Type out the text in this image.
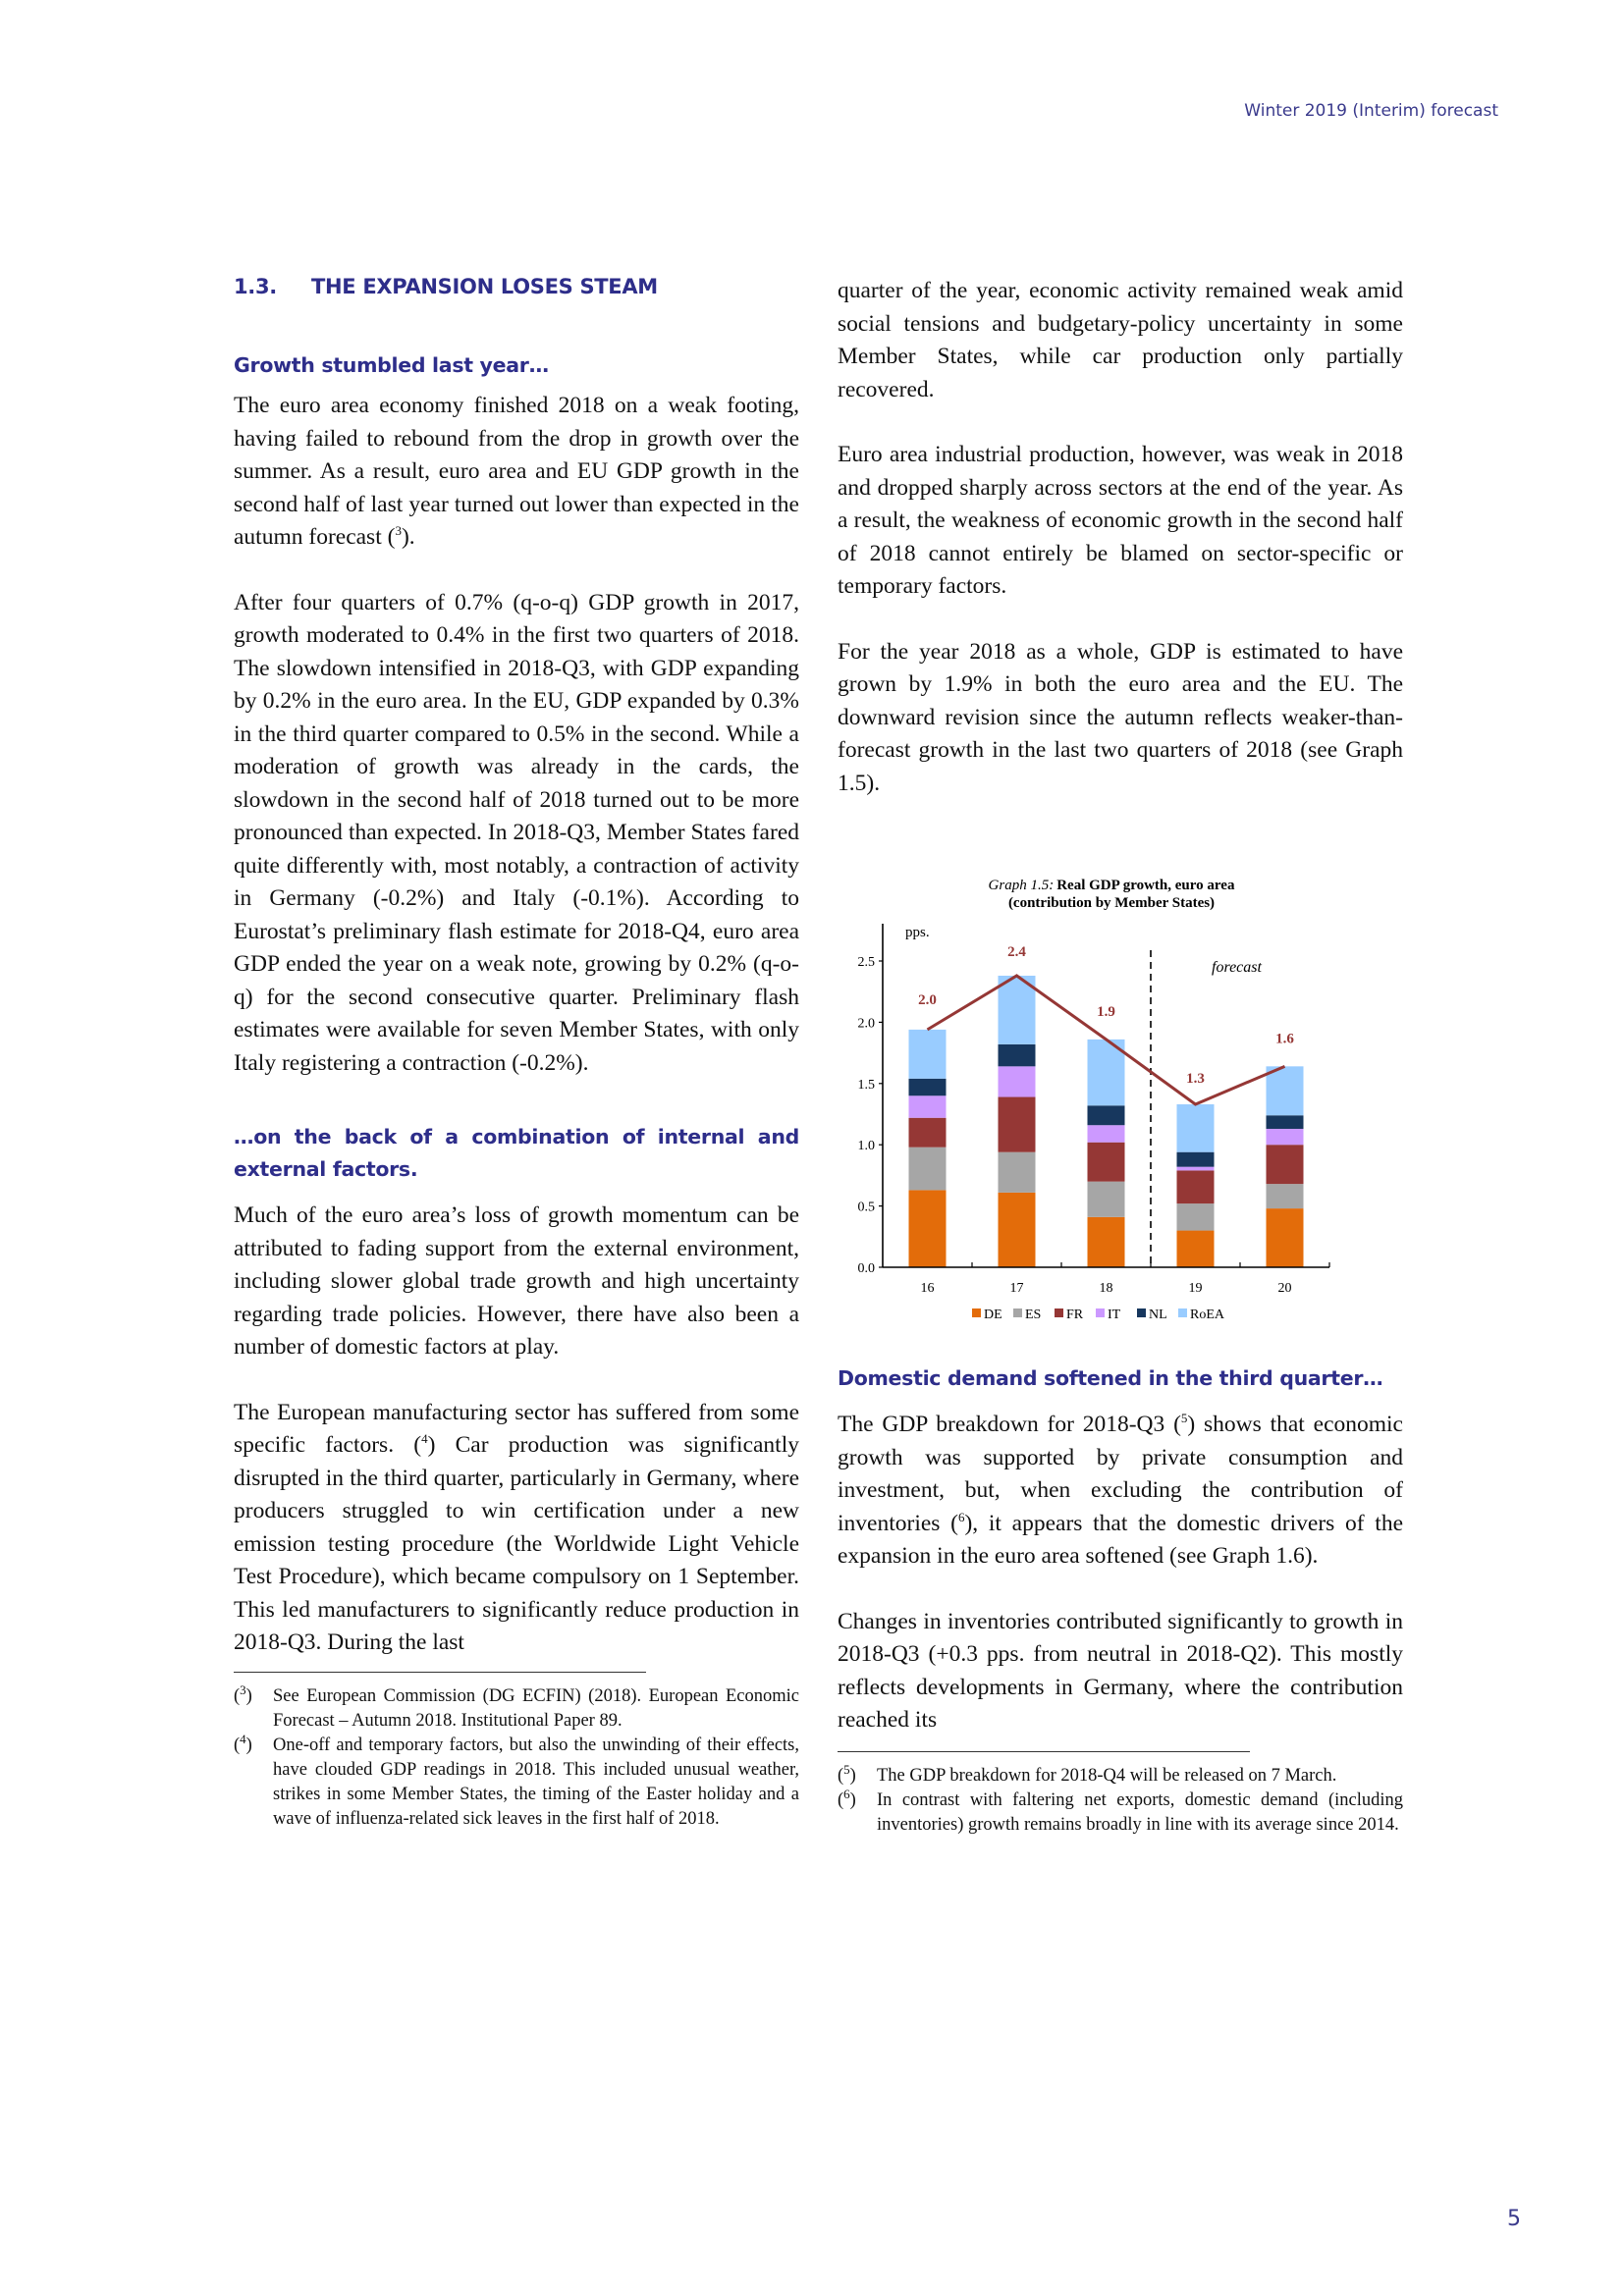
Winter 2019 (Interim) forecast
1.3. THE EXPANSION LOSES STEAM
Growth stumbled last year…

The euro area economy finished 2018 on a weak footing, having failed to rebound from the drop in growth over the summer. As a result, euro area and EU GDP growth in the second half of last year turned out lower than expected in the autumn forecast ($^3$).

After four quarters of 0.7% (q-o-q) GDP growth in 2017, growth moderated to 0.4% in the first two quarters of 2018. The slowdown intensified in 2018-Q3, with GDP expanding by 0.2% in the euro area. In the EU, GDP expanded by 0.3% in the third quarter compared to 0.5% in the second. While a moderation of growth was already in the cards, the slowdown in the second half of 2018 turned out to be more pronounced than expected. In 2018-Q3, Member States fared quite differently with, most notably, a contraction of activity in Germany (-0.2%) and Italy (-0.1%). According to Eurostat’s preliminary flash estimate for 2018-Q4, euro area GDP ended the year on a weak note, growing by 0.2% (q-o-q) for the second consecutive quarter. Preliminary flash estimates were available for seven Member States, with only Italy registering a contraction (-0.2%).

…on the back of a combination of internal and external factors.

Much of the euro area’s loss of growth momentum can be attributed to fading support from the external environment, including slower global trade growth and high uncertainty regarding trade policies. However, there have also been a number of domestic factors at play.

The European manufacturing sector has suffered from some specific factors. ($^4$) Car production was significantly disrupted in the third quarter, particularly in Germany, where producers struggled to win certification under a new emission testing procedure (the Worldwide Light Vehicle Test Procedure), which became compulsory on 1 September. This led manufacturers to significantly reduce production in 2018-Q3. During the last

($^3$)	See European Commission (DG ECFIN) (2018). European Economic Forecast – Autumn 2018. Institutional Paper 89.
($^4$)	One-off and temporary factors, but also the unwinding of their effects, have clouded GDP readings in 2018. This included unusual weather, strikes in some Member States, the timing of the Easter holiday and a wave of influenza-related sick leaves in the first half of 2018.

quarter of the year, economic activity remained weak amid social tensions and budgetary-policy uncertainty in some Member States, while car production only partially recovered.

Euro area industrial production, however, was weak in 2018 and dropped sharply across sectors at the end of the year. As a result, the weakness of economic growth in the second half of 2018 cannot entirely be blamed on sector-specific or temporary factors.

For the year 2018 as a whole, GDP is estimated to have grown by 1.9% in both the euro area and the EU. The downward revision since the autumn reflects weaker-than-forecast growth in the last two quarters of 2018 (see Graph 1.5).

Graph 1.5: Real GDP growth, euro area
(contribution by Member States)
pps.
0.0
0.5
1.0
1.5
2.0
2.5
2.0
2.4
1.9
1.3
1.6
16	17	18	19	20
forecast
DE ES FR IT NL RoEA
Domestic demand softened in the third quarter…

The GDP breakdown for 2018-Q3 ($^5$) shows that economic growth was supported by private consumption and investment, but, when excluding the contribution of inventories ($^6$), it appears that the domestic drivers of the expansion in the euro area softened (see Graph 1.6).

Changes in inventories contributed significantly to growth in 2018-Q3 (+0.3 pps. from neutral in 2018-Q2). This mostly reflects developments in Germany, where the contribution reached its

($^5$)	The GDP breakdown for 2018-Q4 will be released on 7 March.
($^6$)	In contrast with faltering net exports, domestic demand (including inventories) growth remains broadly in line with its average since 2014.
5
